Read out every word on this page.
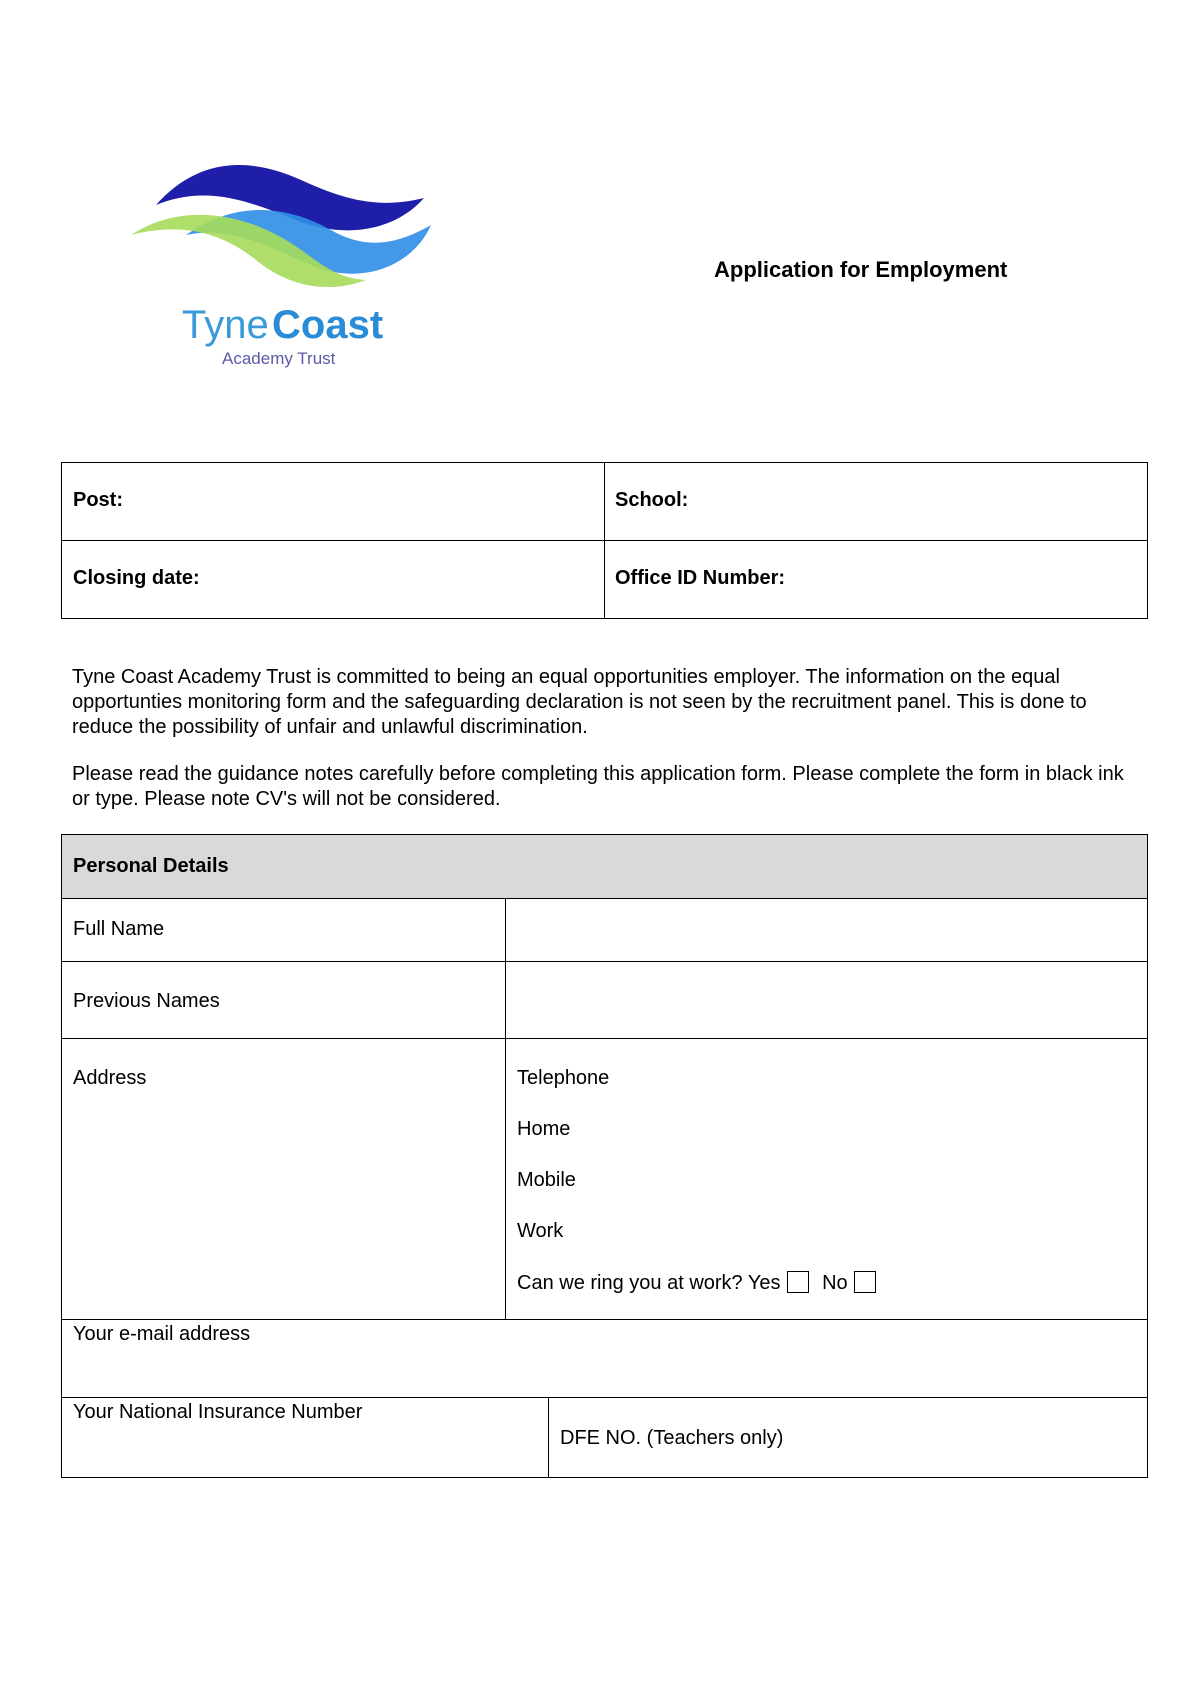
Tyne Coast
Academy Trust
Application for Employment
Post:	School:
Closing date:	Office ID Number:
Tyne Coast Academy Trust is committed to being an equal opportunities employer. The information on the equal opportunties monitoring form and the safeguarding declaration is not seen by the recruitment panel. This is done to reduce the possibility of unfair and unlawful discrimination.
Please read the guidance notes carefully before completing this application form. Please complete the form in black ink or type. Please note CV's will not be considered.
Personal Details
Full Name
Previous Names
Address	Telephone
Home
Mobile
Work
Can we ring you at work? Yes No
Your e-mail address
Your National Insurance Number
DFE NO. (Teachers only)
